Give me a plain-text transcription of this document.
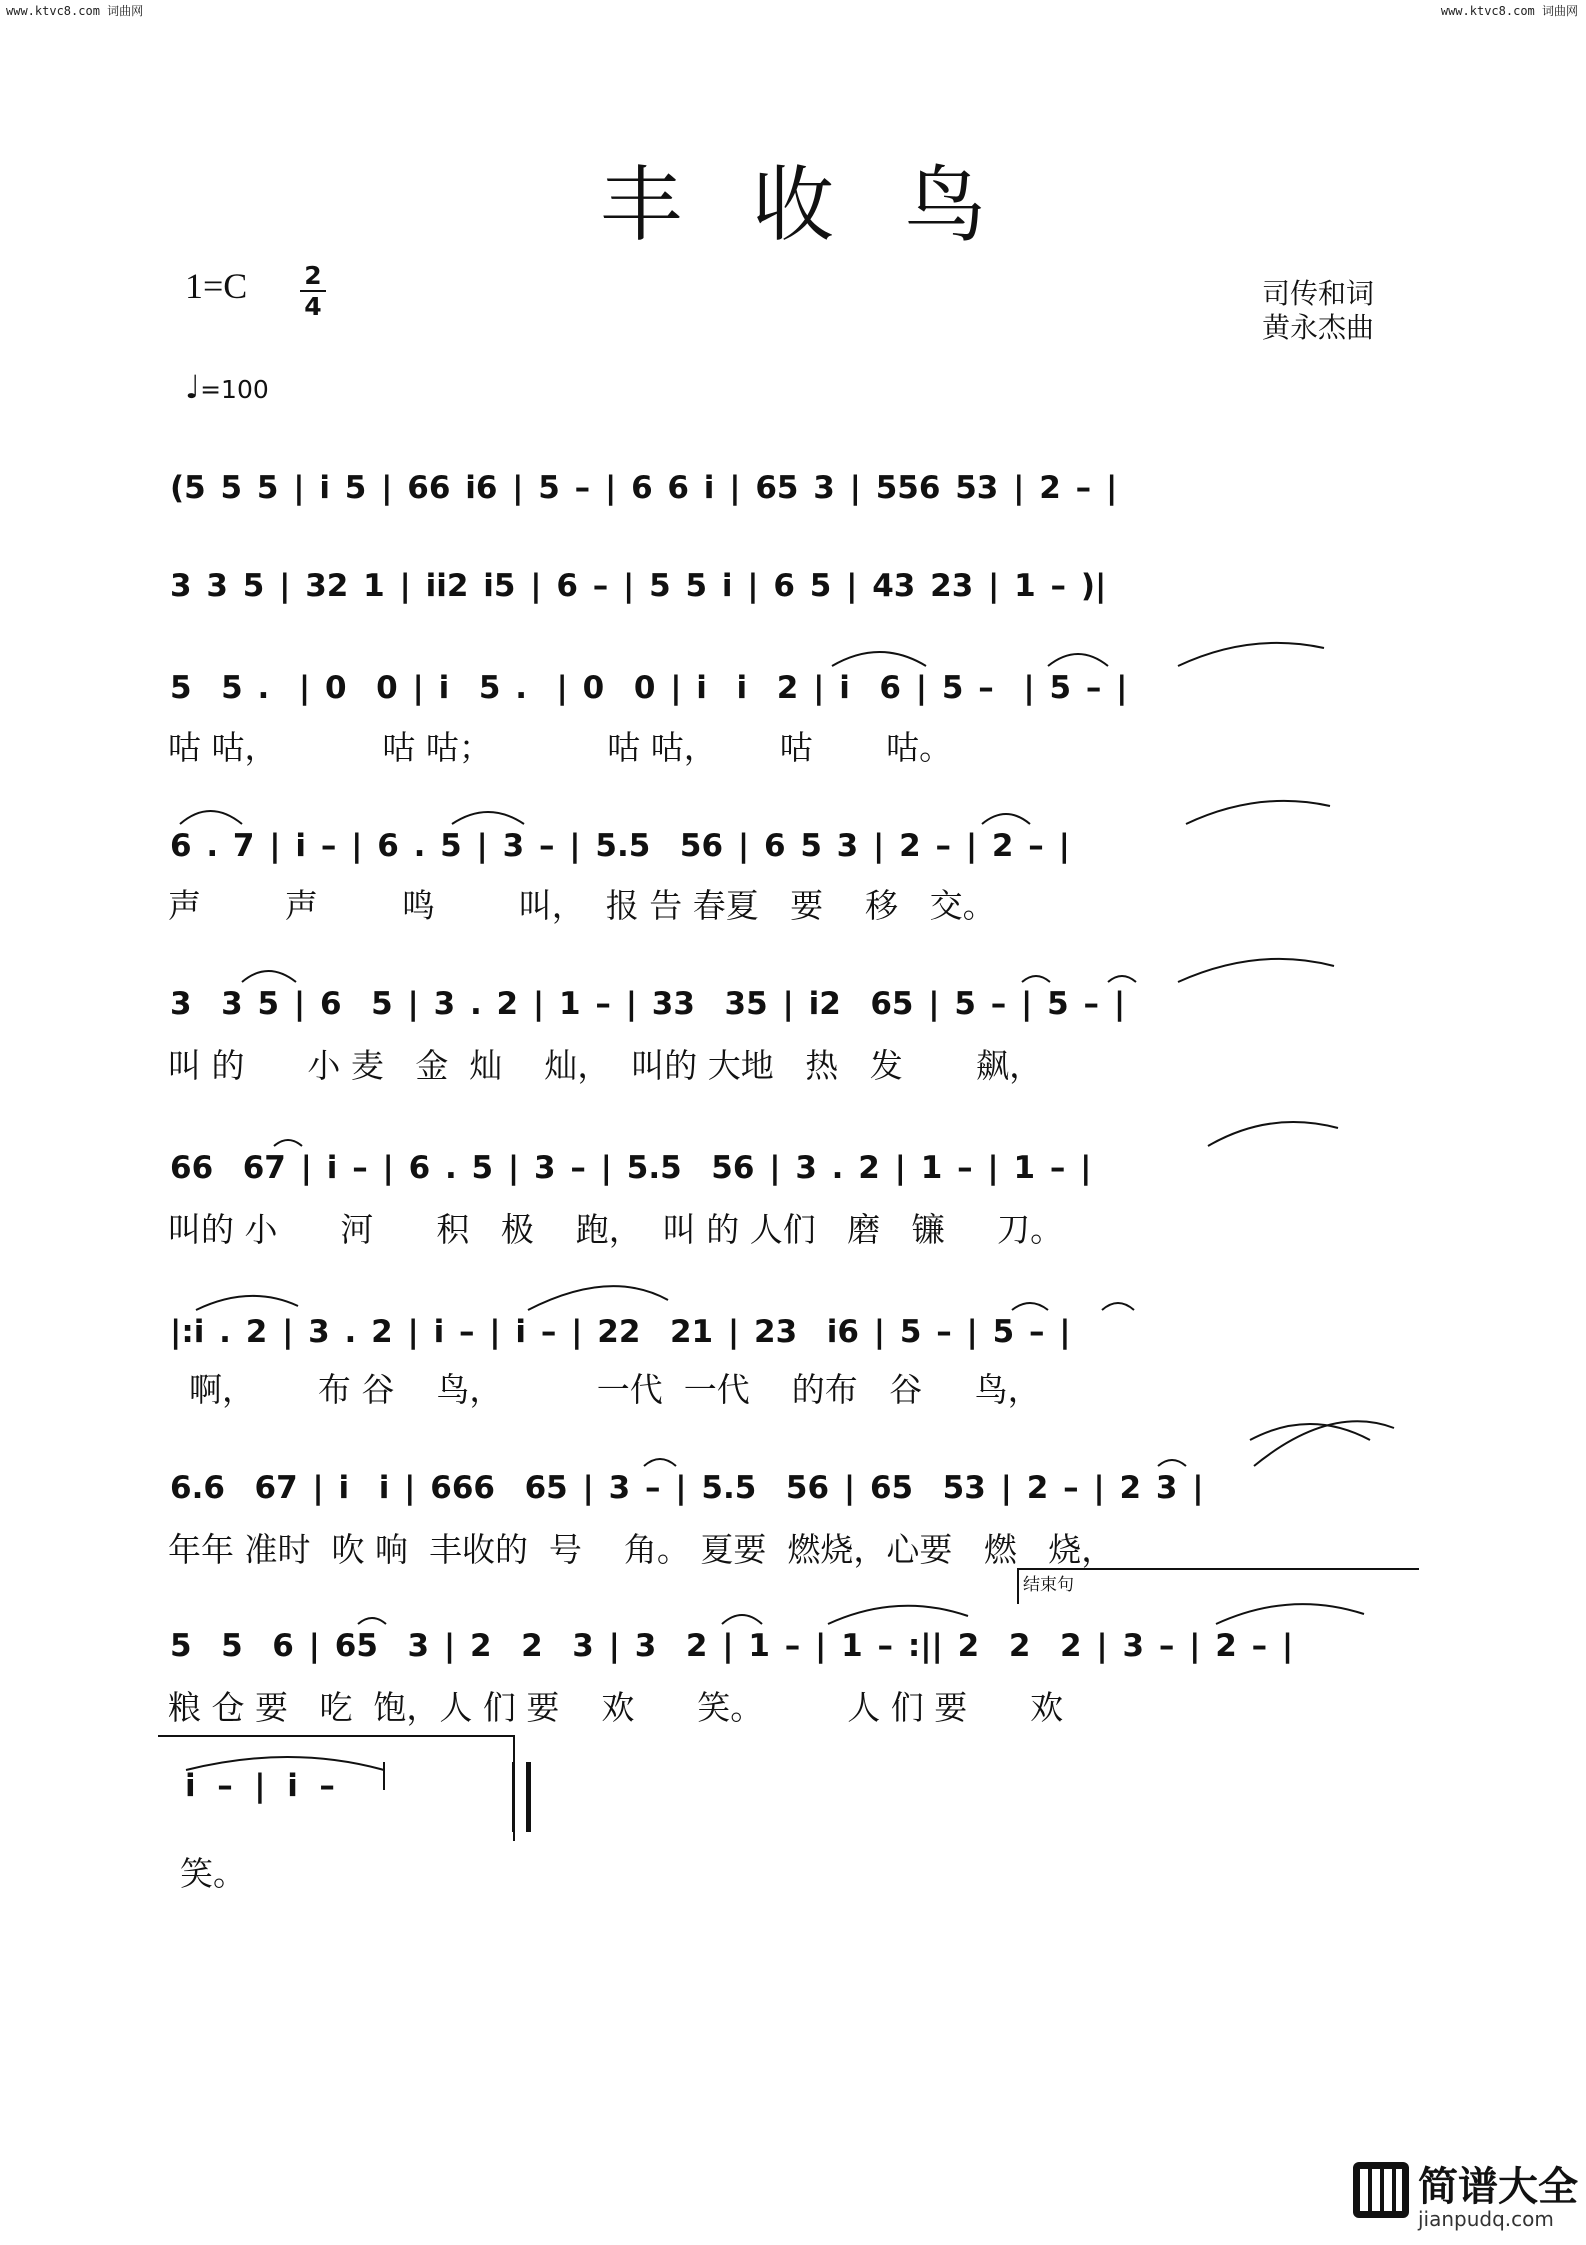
www.ktvc8.com 词曲网	www.ktvc8.com 词曲网
丰收鸟
1=C 2
4
♩=100
司传和词
黄永杰曲
(5 5 5 | i 5 | 66 i6 | 5 – | 6 6 i | 65 3 | 556 53 | 2 – |
3 3 5 | 32 1 | ii2 i5 | 6 – | 5 5 i | 6 5 | 43 23 | 1 – )|
5  5 .  | 0  0 | i  5 .  | 0  0 | i  i  2 | i  6 | 5 –  | 5 – |
咕 咕，          咕 咕；           咕 咕，      咕       咕。
6 . 7 | i – | 6 . 5 | 3 – | 5.5  56 | 6 5 3 | 2 – | 2 – |
声        声        鸣        叫，  报 告 春夏   要    移   交。
3  3 5 | 6  5 | 3 . 2 | 1 – | 33  35 | i2  65 | 5 – | 5 – |
叫 的      小 麦   金  灿    灿，  叫的 大地   热   发       飙，
66  67 | i – | 6 . 5 | 3 – | 5.5  56 | 3 . 2 | 1 – | 1 – |
叫的 小      河      积   极    跑，  叫 的 人们   磨   镰     刀。
|:i . 2 | 3 . 2 | i – | i – | 22  21 | 23  i6 | 5 – | 5 – |
啊，      布 谷    鸟，         一代  一代    的布   谷     鸟，
6.6  67 | i  i | 666  65 | 3 – | 5.5  56 | 65  53 | 2 – | 2 3 |
年年 准时  吹 响  丰收的  号    角。 夏要  燃烧，心要   燃   烧，
结束句
5  5  6 | 65  3 | 2  2  3 | 3  2 | 1 – | 1 – :|| 2  2  2 | 3 – | 2 – |
粮 仓 要   吃  饱，人 们 要    欢      笑。        人 们 要      欢
i  –  |  i  –
笑。
简谱大全
jianpudq.com
